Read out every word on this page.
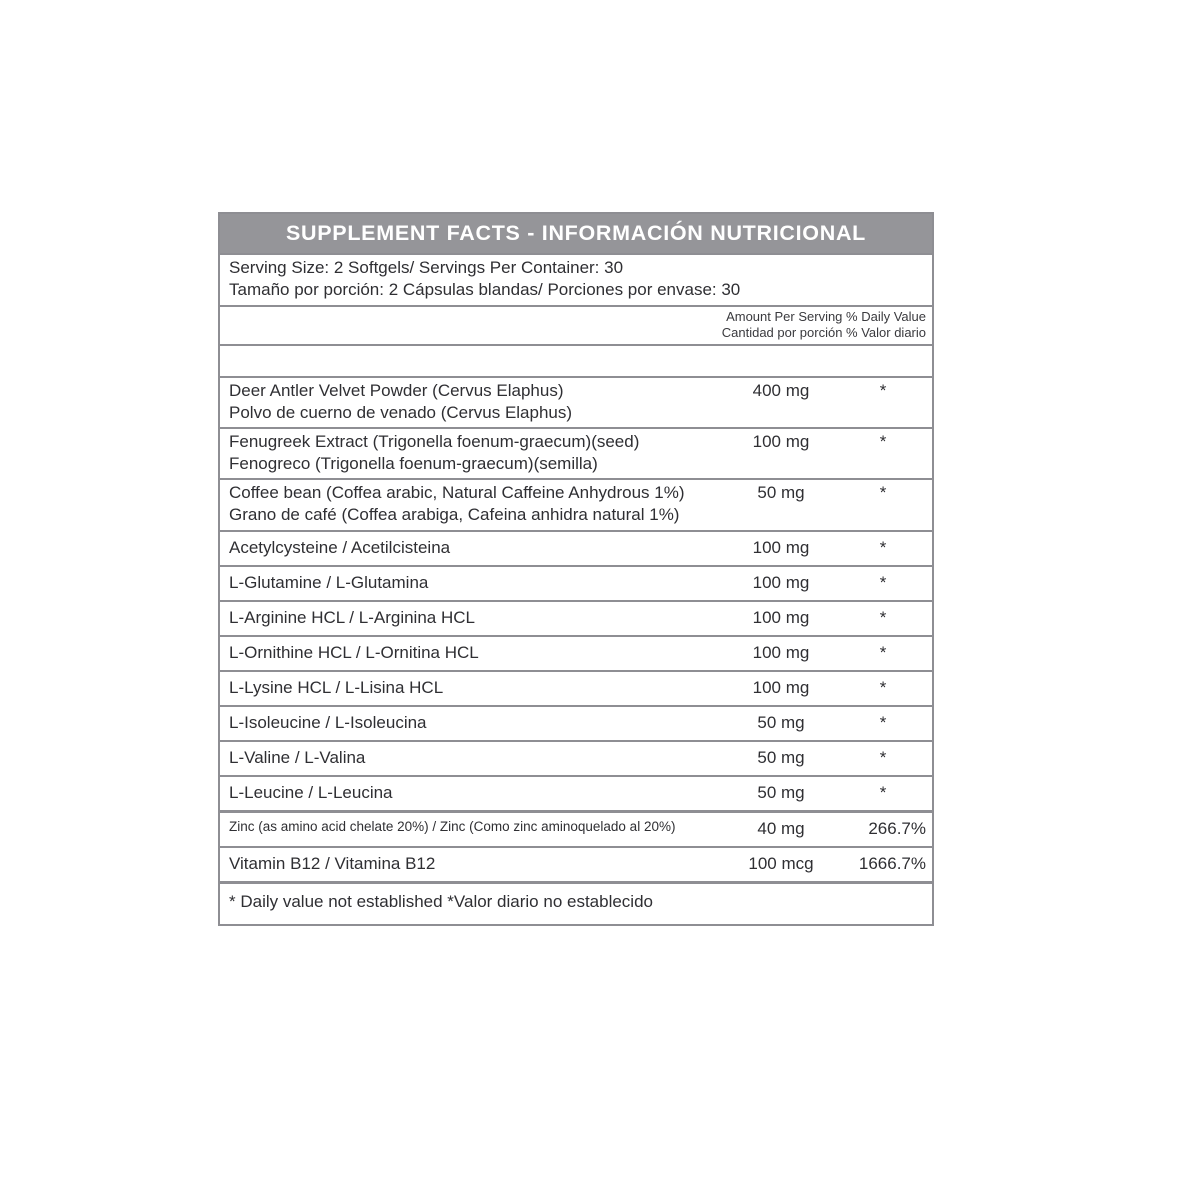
SUPPLEMENT FACTS - INFORMACIÓN NUTRICIONAL
Serving Size: 2 Softgels/ Servings Per Container: 30
Tamaño por porción: 2 Cápsulas blandas/ Porciones por envase: 30
Amount Per Serving % Daily Value
Cantidad por porción % Valor diario
Deer Antler Velvet Powder (Cervus Elaphus)
Polvo de cuerno de venado (Cervus Elaphus)
400 mg	*
Fenugreek Extract (Trigonella foenum-graecum)(seed)
Fenogreco (Trigonella foenum-graecum)(semilla)
100 mg	*
Coffee bean (Coffea arabic, Natural Caffeine Anhydrous 1%)
Grano de café (Coffea arabiga, Cafeina anhidra natural 1%)
50 mg	*
Acetylcysteine / Acetilcisteina	100 mg	*
L-Glutamine / L-Glutamina	100 mg	*
L-Arginine HCL / L-Arginina HCL	100 mg	*
L-Ornithine HCL / L-Ornitina HCL	100 mg	*
L-Lysine HCL / L-Lisina HCL	100 mg	*
L-Isoleucine / L-Isoleucina	50 mg	*
L-Valine / L-Valina	50 mg	*
L-Leucine / L-Leucina	50 mg	*
Zinc (as amino acid chelate 20%) / Zinc (Como zinc aminoquelado al 20%)	40 mg	266.7%
Vitamin B12 / Vitamina B12	100 mcg	1666.7%
* Daily value not established *Valor diario no establecido
